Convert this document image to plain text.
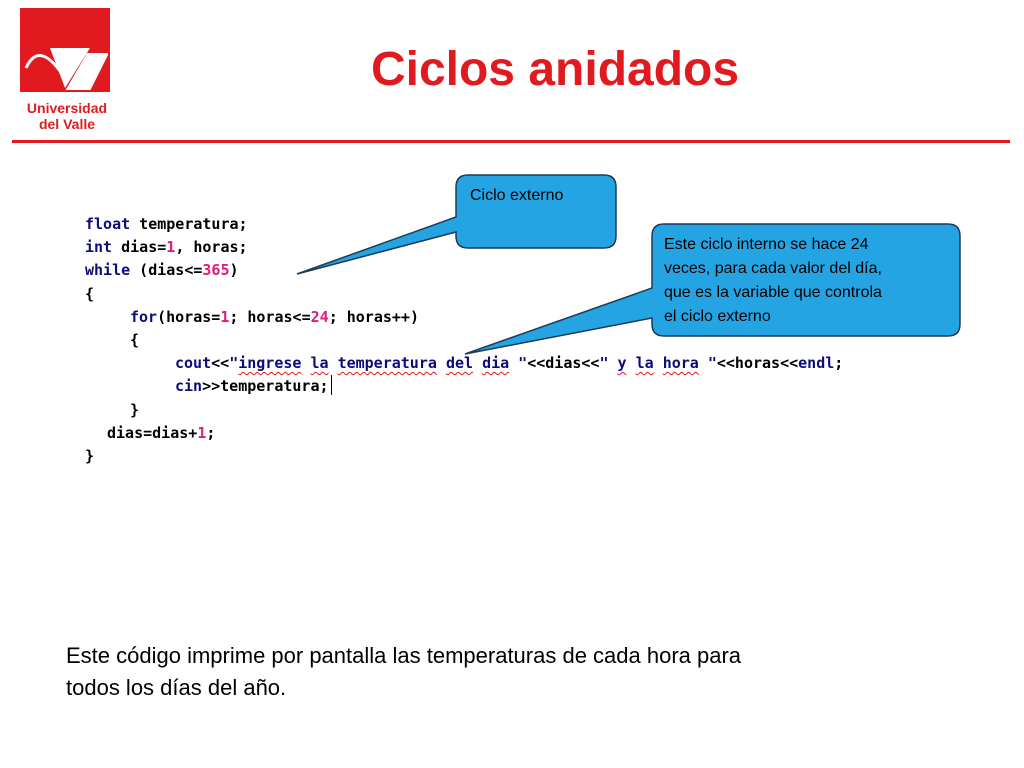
Universidad
del Valle
Ciclos anidados
Ciclo externo
Este ciclo interno se hace 24
veces, para cada valor del día,
que es la variable que controla
el ciclo externo
float temperatura;
int dias=1, horas;
while (dias<=365)
{
for(horas=1; horas<=24; horas++)
{
cout<<"ingrese la temperatura del dia "<<dias<<" y la hora "<<horas<<endl;
cin>>temperatura;
}
dias=dias+1;
}
Este código imprime por pantalla las temperaturas de cada hora para
todos los días del año.
